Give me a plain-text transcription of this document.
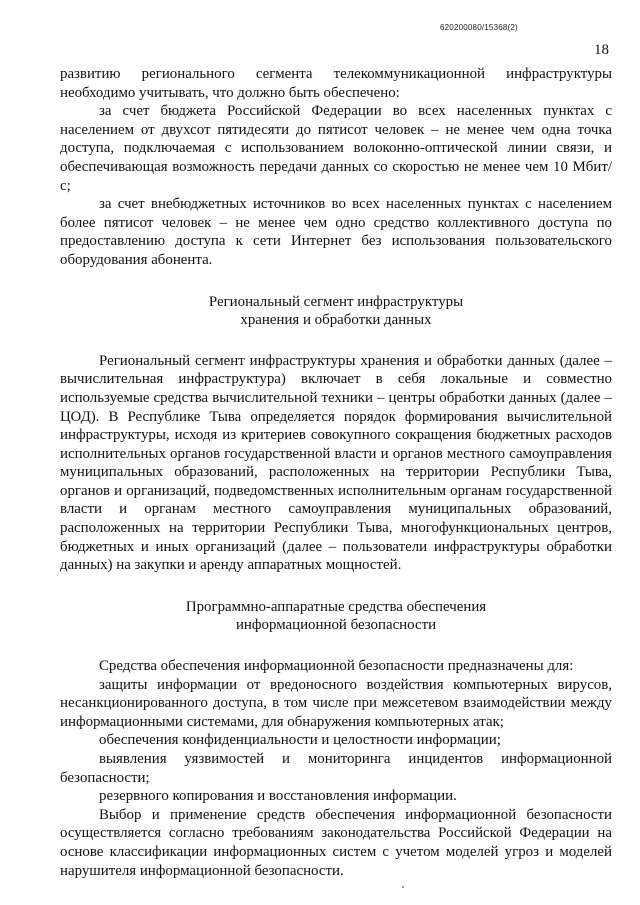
620200080/15368(2)
18

развитию регионального сегмента телекоммуникационной инфраструктуры необходимо учитывать, что должно быть обеспечено:

за счет бюджета Российской Федерации во всех населенных пунктах с населением от двухсот пятидесяти до пятисот человек – не менее чем одна точка доступа, подключаемая с использованием волоконно-оптической линии связи, и обеспечивающая возможность передачи данных со скоростью не менее чем 10 Мбит/с;

за счет внебюджетных источников во всех населенных пунктах с населением более пятисот человек – не менее чем одно средство коллективного доступа по предоставлению доступа к сети Интернет без использования пользовательского оборудования абонента.

Региональный сегмент инфраструктуры

хранения и обработки данных

Региональный сегмент инфраструктуры хранения и обработки данных (далее – вычислительная инфраструктура) включает в себя локальные и совместно используемые средства вычислительной техники – центры обработки данных (далее – ЦОД). В Республике Тыва определяется порядок формирования вычислительной инфраструктуры, исходя из критериев совокупного сокращения бюджетных расходов исполнительных органов государственной власти и органов местного самоуправления муниципальных образований, расположенных на территории Республики Тыва, органов и организаций, подведомственных исполнительным органам государственной власти и органам местного самоуправления муниципальных образований, расположенных на территории Республики Тыва, многофункциональных центров, бюджетных и иных организаций (далее – пользователи инфраструктуры обработки данных) на закупки и аренду аппаратных мощностей.

Программно-аппаратные средства обеспечения

информационной безопасности

Средства обеспечения информационной безопасности предназначены для:

защиты информации от вредоносного воздействия компьютерных вирусов, несанкционированного доступа, в том числе при межсетевом взаимодействии между информационными системами, для обнаружения компьютерных атак;

обеспечения конфиденциальности и целостности информации;

выявления уязвимостей и мониторинга инцидентов информационной безопасности;

резервного копирования и восстановления информации.

Выбор и применение средств обеспечения информационной безопасности осуществляется согласно требованиям законодательства Российской Федерации на основе классификации информационных систем с учетом моделей угроз и моделей нарушителя информационной безопасности.
